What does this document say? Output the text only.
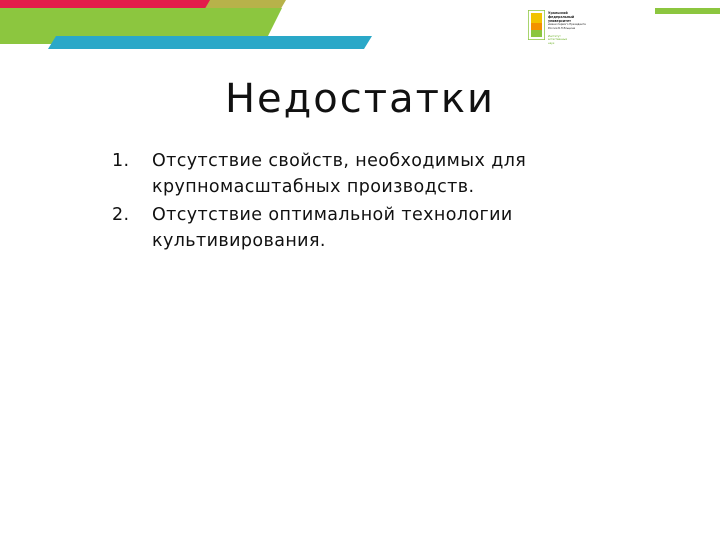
Уральский
федеральный
университет
имени первого Президента
России Б.Н.Ельцина
Институт
естественных
наук
Недостатки
1. Отсутствие свойств, необходимых для крупномасштабных производств.
2. Отсутствие оптимальной технологии культивирования.
